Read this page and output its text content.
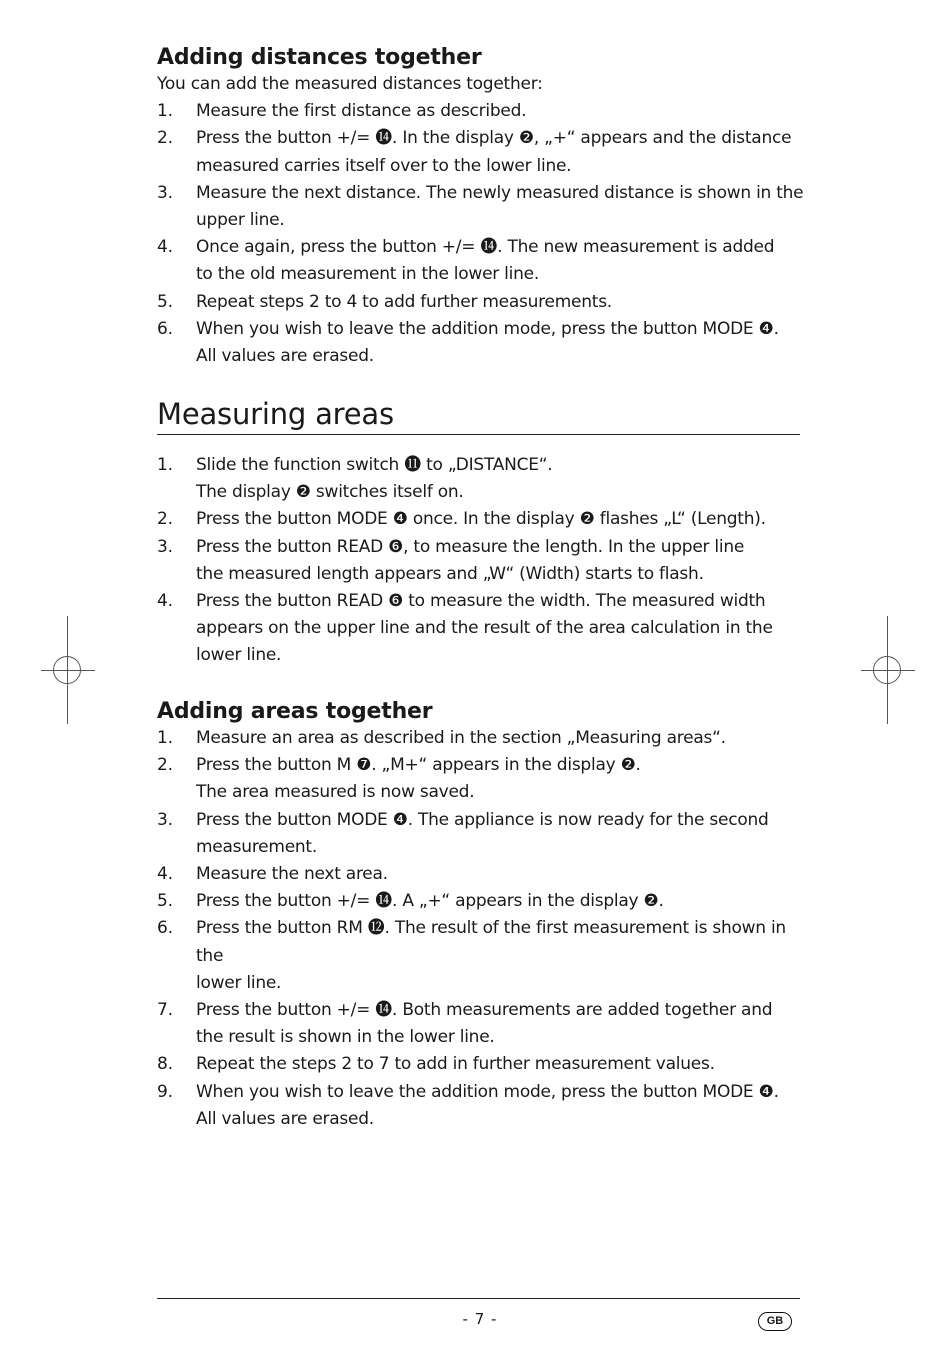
Adding distances together
You can add the measured distances together:
1. Measure the first distance as described.
2. Press the button +/= ⓮. In the display ❷, „+“ appears and the distance
measured carries itself over to the lower line.
3. Measure the next distance. The newly measured distance is shown in the
upper line.
4. Once again, press the button +/= ⓮. The new measurement is added
to the old measurement in the lower line.
5. Repeat steps 2 to 4 to add further measurements.
6. When you wish to leave the addition mode, press the button MODE ❹.
All values are erased.
Measuring areas
1. Slide the function switch ⓫ to „DISTANCE“.
The display ❷ switches itself on.
2. Press the button MODE ❹ once. In the display ❷ flashes „L“ (Length).
3. Press the button READ ❻, to measure the length. In the upper line
the measured length appears and „W“ (Width) starts to flash.
4. Press the button READ ❻ to measure the width. The measured width
appears on the upper line and the result of the area calculation in the
lower line.
Adding areas together
1. Measure an area as described in the section „Measuring areas“.
2. Press the button M ❼. „M+“ appears in the display ❷.
The area measured is now saved.
3. Press the button MODE ❹. The appliance is now ready for the second
measurement.
4. Measure the next area.
5. Press the button +/= ⓮. A „+“ appears in the display ❷.
6. Press the button RM ⓬. The result of the first measurement is shown in the
lower line.
7. Press the button +/= ⓮. Both measurements are added together and
the result is shown in the lower line.
8. Repeat the steps 2 to 7 to add in further measurement values.
9. When you wish to leave the addition mode, press the button MODE ❹.
All values are erased.
- 7 -	GB
